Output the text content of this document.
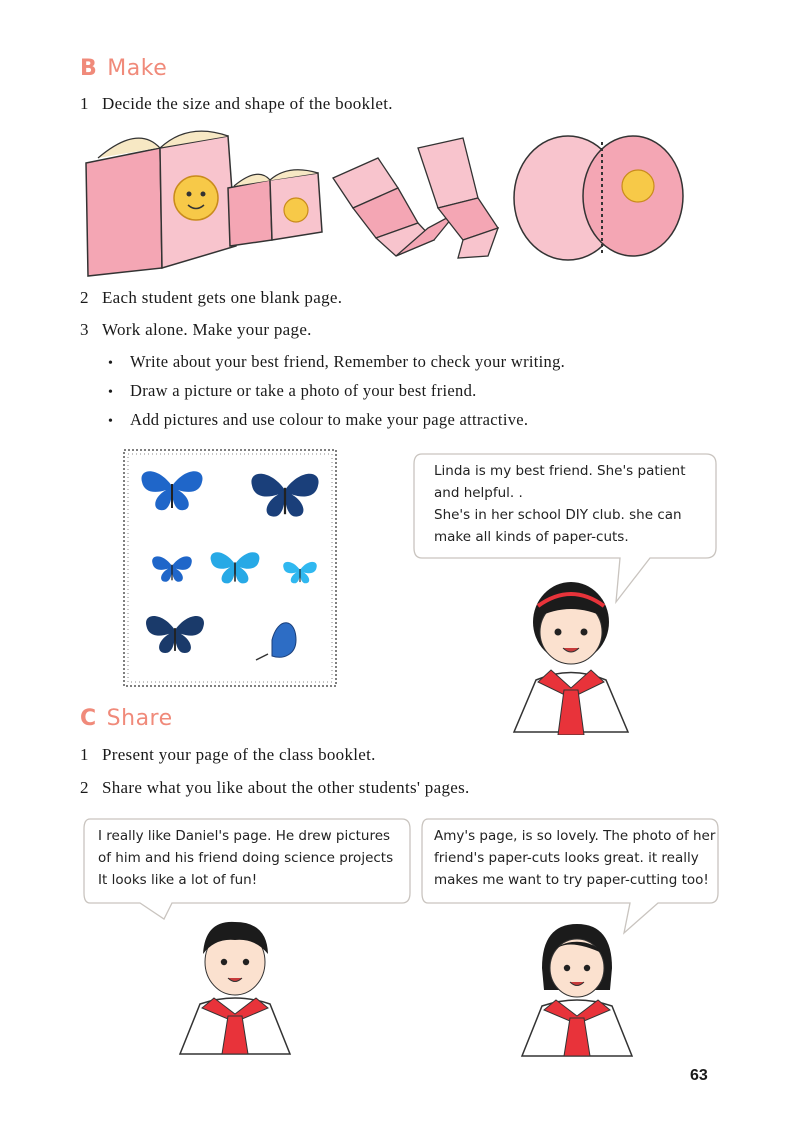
B Make
1 Decide the size and shape of the booklet.
2 Each student gets one blank page.
3 Work alone. Make your page.
• Write about your best friend, Remember to check your writing.
• Draw a picture or take a photo of your best friend.
• Add pictures and use colour to make your page attractive.
Linda is my best friend. She's patient
and helpful. .
She's in her school DIY club. she can
make all kinds of paper-cuts.
C Share
1 Present your page of the class booklet.
2 Share what you like about the other students' pages.
I really like Daniel's page. He drew pictures
of him and his friend doing science projects
It looks like a lot of fun!
Amy's page, is so lovely. The photo of her
friend's paper-cuts looks great. it really
makes me want to try paper-cutting too!
63
